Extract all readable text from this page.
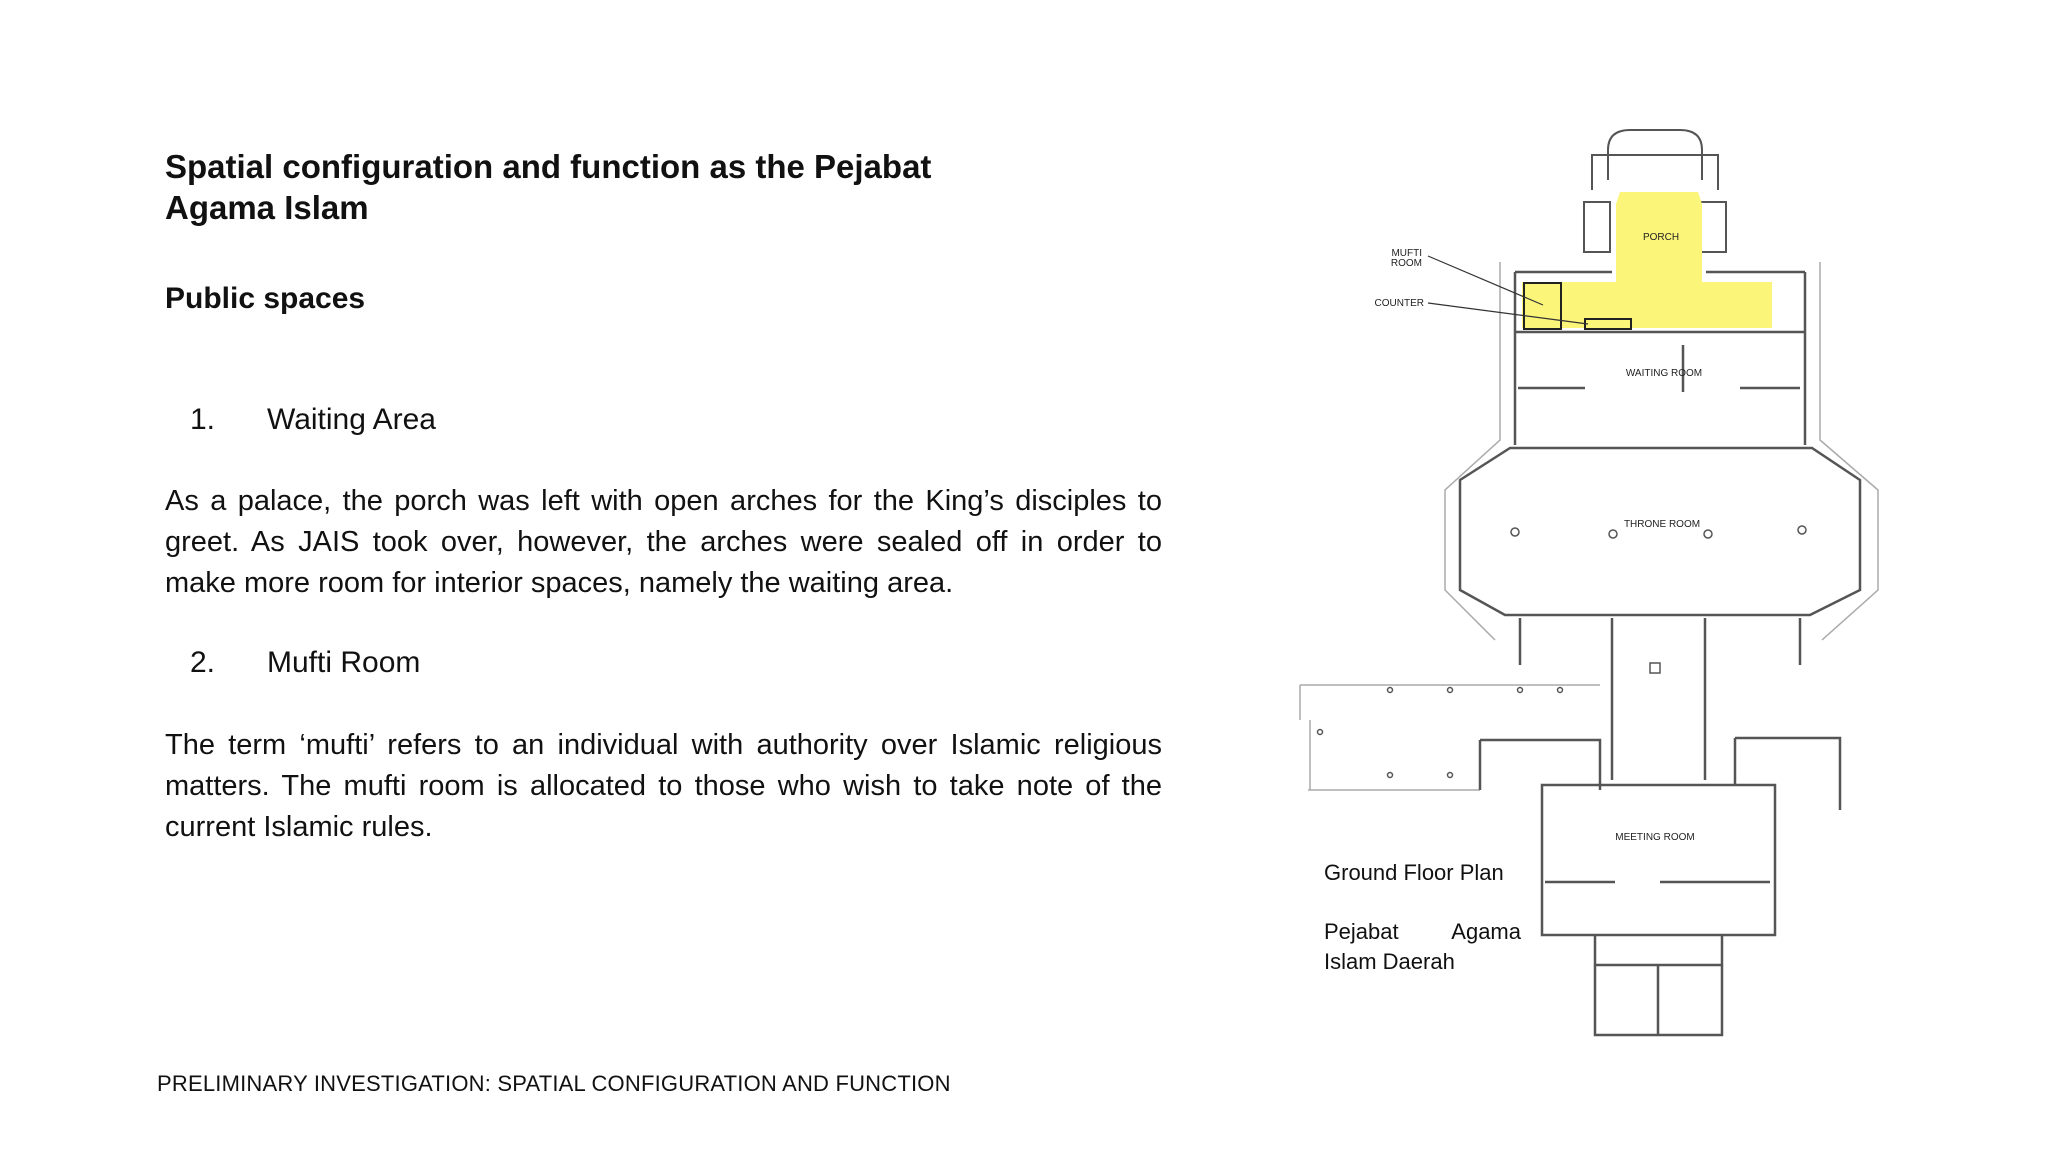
Spatial configuration and function as the Pejabat Agama Islam
Public spaces
1.	Waiting Area

As a palace, the porch was left with open arches for the King’s disciples to greet. As JAIS took over, however, the arches were sealed off in order to make more room for interior spaces, namely the waiting area.

2.	Mufti Room

The term ‘mufti’ refers to an individual with authority over Islamic religious matters. The mufti room is allocated to those who wish to take note of the current Islamic rules.

PRELIMINARY INVESTIGATION: SPATIAL CONFIGURATION AND FUNCTION
PORCH
MUFTI
ROOM
COUNTER
WAITING ROOM
THRONE ROOM
MEETING ROOM
Ground Floor Plan
Pejabat Agama Islam Daerah
